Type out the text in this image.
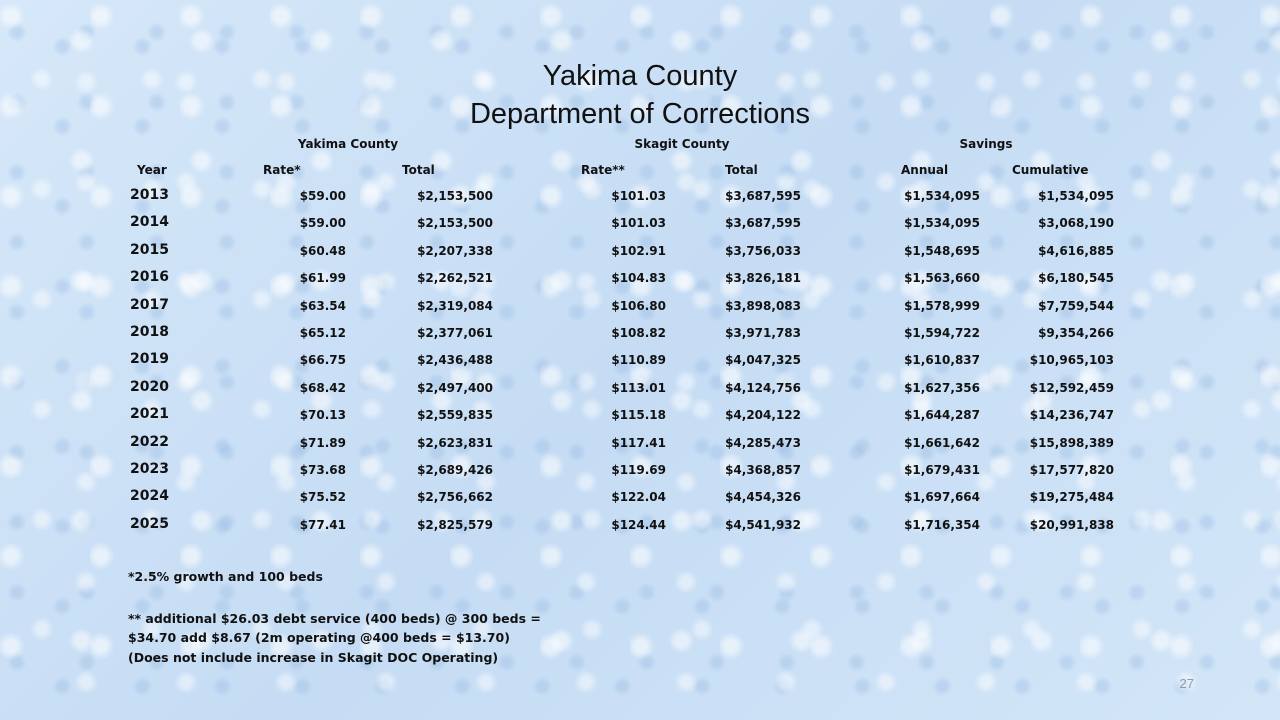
Yakima County
Department of Corrections
Yakima County	Skagit County	Savings
Year	Rate*	Total	Rate**	Total	Annual	Cumulative
2013	$59.00	$2,153,500	$101.03	$3,687,595	$1,534,095	$1,534,095
2014	$59.00	$2,153,500	$101.03	$3,687,595	$1,534,095	$3,068,190
2015	$60.48	$2,207,338	$102.91	$3,756,033	$1,548,695	$4,616,885
2016	$61.99	$2,262,521	$104.83	$3,826,181	$1,563,660	$6,180,545
2017	$63.54	$2,319,084	$106.80	$3,898,083	$1,578,999	$7,759,544
2018	$65.12	$2,377,061	$108.82	$3,971,783	$1,594,722	$9,354,266
2019	$66.75	$2,436,488	$110.89	$4,047,325	$1,610,837	$10,965,103
2020	$68.42	$2,497,400	$113.01	$4,124,756	$1,627,356	$12,592,459
2021	$70.13	$2,559,835	$115.18	$4,204,122	$1,644,287	$14,236,747
2022	$71.89	$2,623,831	$117.41	$4,285,473	$1,661,642	$15,898,389
2023	$73.68	$2,689,426	$119.69	$4,368,857	$1,679,431	$17,577,820
2024	$75.52	$2,756,662	$122.04	$4,454,326	$1,697,664	$19,275,484
2025	$77.41	$2,825,579	$124.44	$4,541,932	$1,716,354	$20,991,838
*2.5% growth and 100 beds
** additional $26.03 debt service (400 beds) @ 300 beds =
$34.70 add $8.67 (2m operating @400 beds = $13.70)
(Does not include increase in Skagit DOC Operating)
27
